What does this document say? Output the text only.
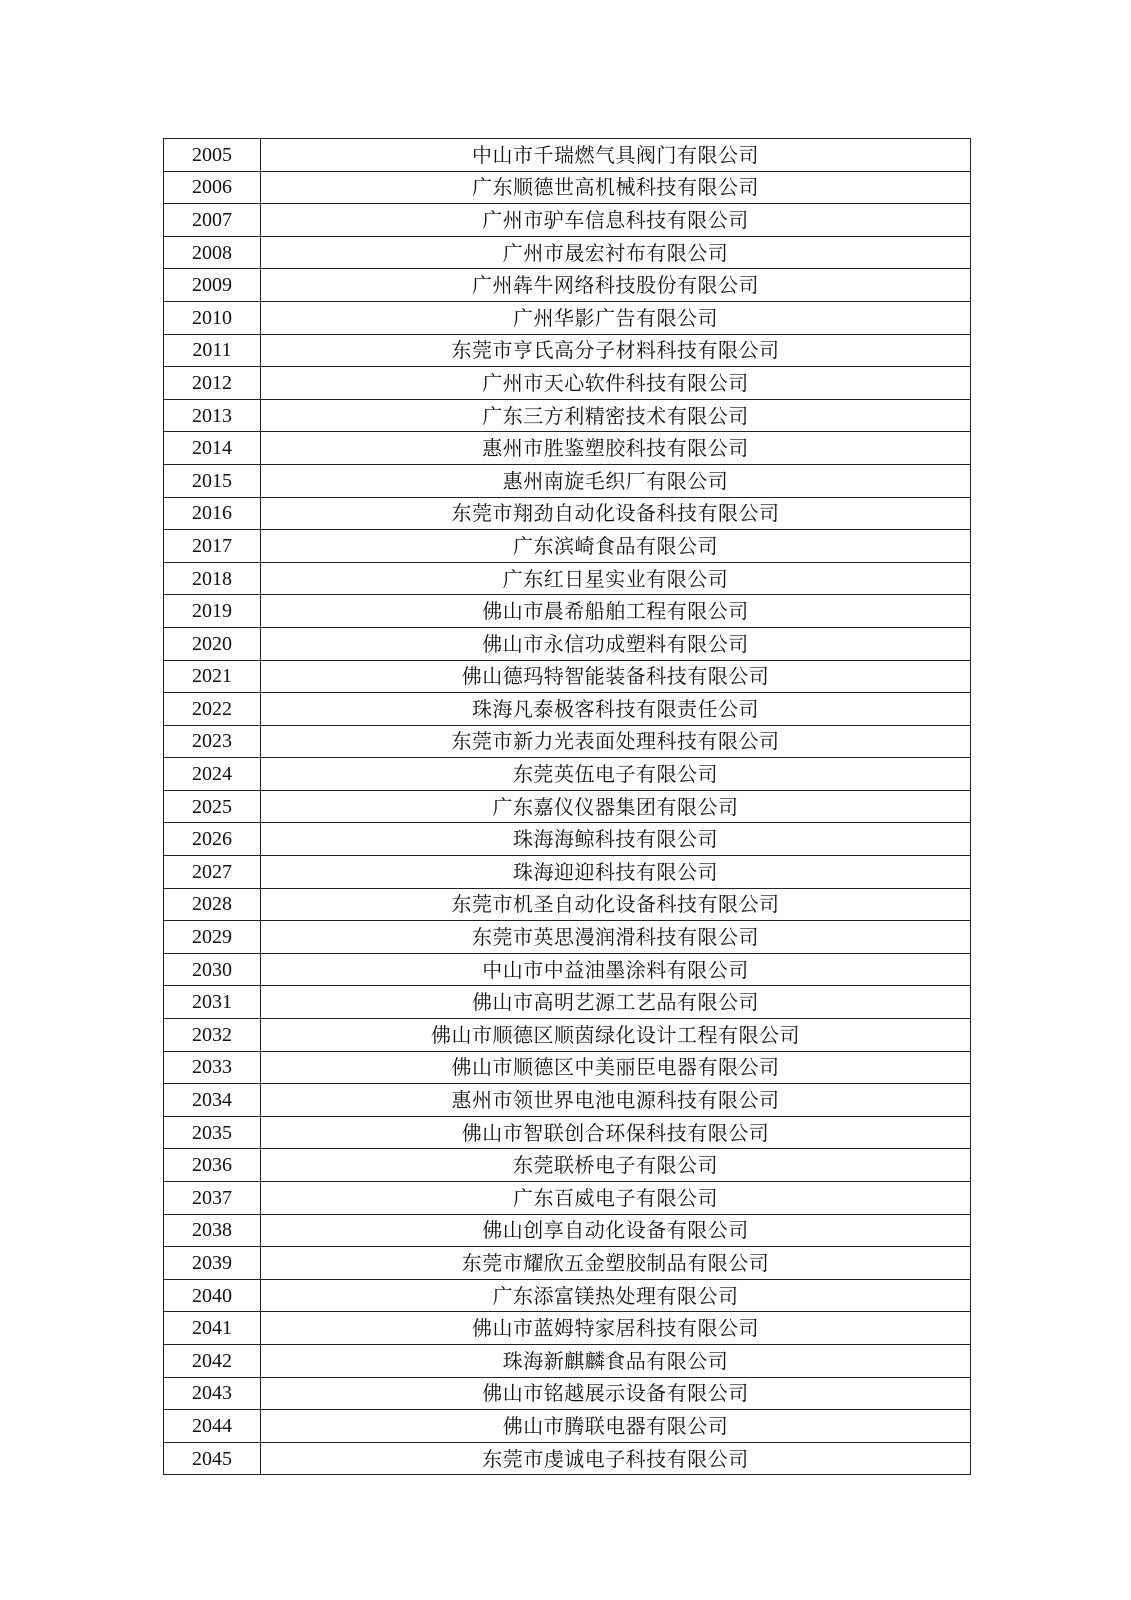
2005	中山市千瑞燃气具阀门有限公司
2006	广东顺德世高机械科技有限公司
2007	广州市驴车信息科技有限公司
2008	广州市晟宏衬布有限公司
2009	广州犇牛网络科技股份有限公司
2010	广州华影广告有限公司
2011	东莞市亨氏高分子材料科技有限公司
2012	广州市天心软件科技有限公司
2013	广东三方利精密技术有限公司
2014	惠州市胜鉴塑胶科技有限公司
2015	惠州南旋毛织厂有限公司
2016	东莞市翔劲自动化设备科技有限公司
2017	广东滨崎食品有限公司
2018	广东红日星实业有限公司
2019	佛山市晨希船舶工程有限公司
2020	佛山市永信功成塑料有限公司
2021	佛山德玛特智能装备科技有限公司
2022	珠海凡泰极客科技有限责任公司
2023	东莞市新力光表面处理科技有限公司
2024	东莞英伍电子有限公司
2025	广东嘉仪仪器集团有限公司
2026	珠海海鲸科技有限公司
2027	珠海迎迎科技有限公司
2028	东莞市机圣自动化设备科技有限公司
2029	东莞市英思漫润滑科技有限公司
2030	中山市中益油墨涂料有限公司
2031	佛山市高明艺源工艺品有限公司
2032	佛山市顺德区顺茵绿化设计工程有限公司
2033	佛山市顺德区中美丽臣电器有限公司
2034	惠州市领世界电池电源科技有限公司
2035	佛山市智联创合环保科技有限公司
2036	东莞联桥电子有限公司
2037	广东百威电子有限公司
2038	佛山创享自动化设备有限公司
2039	东莞市耀欣五金塑胶制品有限公司
2040	广东添富镁热处理有限公司
2041	佛山市蓝姆特家居科技有限公司
2042	珠海新麒麟食品有限公司
2043	佛山市铭越展示设备有限公司
2044	佛山市腾联电器有限公司
2045	东莞市虔诚电子科技有限公司
